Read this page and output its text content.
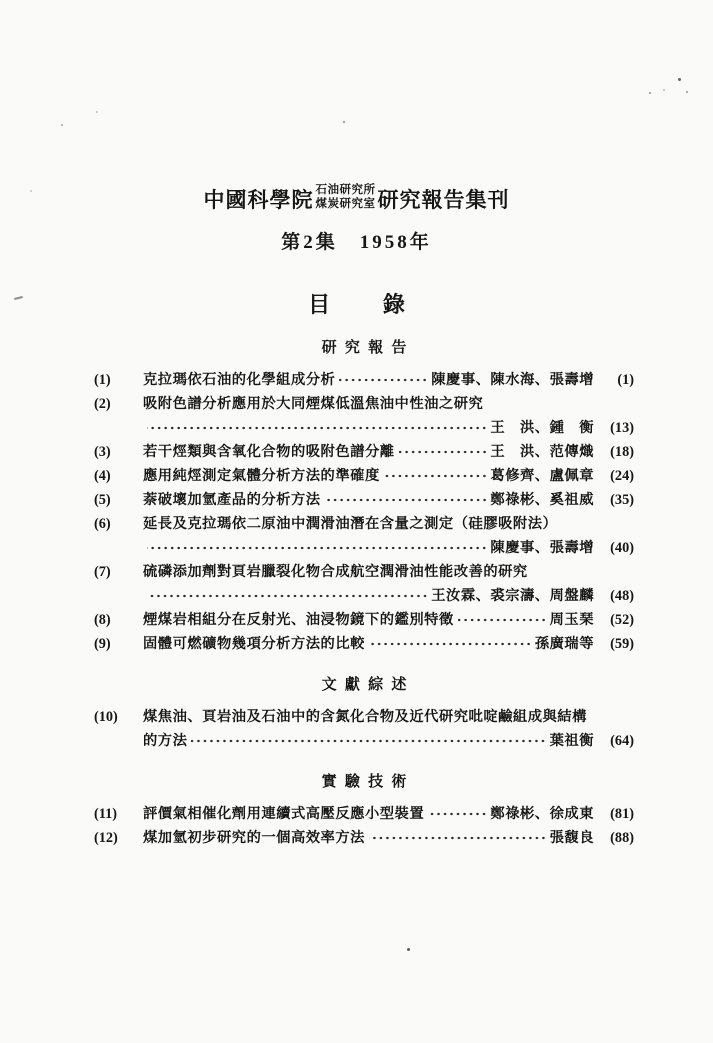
中國科學院 石油研究所
煤炭研究室 研究報告集刊
第2集　1958年
目錄
研究報告
(1)	克拉瑪依石油的化學組成分析	陳慶事、陳水海、張壽增	(1)
(2)	吸附色譜分析應用於大同煙煤低溫焦油中性油之研究
王　洪、鍾　衡	(13)
(3)	若干烴類與含氧化合物的吸附色譜分離	王　洪、范傳熾	(18)
(4)	應用純烴測定氣體分析方法的準確度	葛修齊、盧佩章	(24)
(5)	萘破壞加氫產品的分析方法	鄭祿彬、奚祖威	(35)
(6)	延長及克拉瑪依二原油中潤滑油潛在含量之測定（硅膠吸附法）
陳慶事、張壽增	(40)
(7)	硫磷添加劑對頁岩臘裂化物合成航空潤滑油性能改善的研究
王汝霖、裘宗濤、周盤麟	(48)
(8)	煙煤岩相組分在反射光、油浸物鏡下的鑑別特徵	周玉琹	(52)
(9)	固體可燃礦物幾項分析方法的比較	孫廣瑞等	(59)
文獻綜述
(10)	煤焦油、頁岩油及石油中的含氮化合物及近代研究吡啶鹼組成與結構
的方法	葉祖衡	(64)
實驗技術
(11)	評價氣相催化劑用連續式高壓反應小型裝置	鄭祿彬、徐成東	(81)
(12)	煤加氫初步研究的一個高效率方法	張馥良	(88)
